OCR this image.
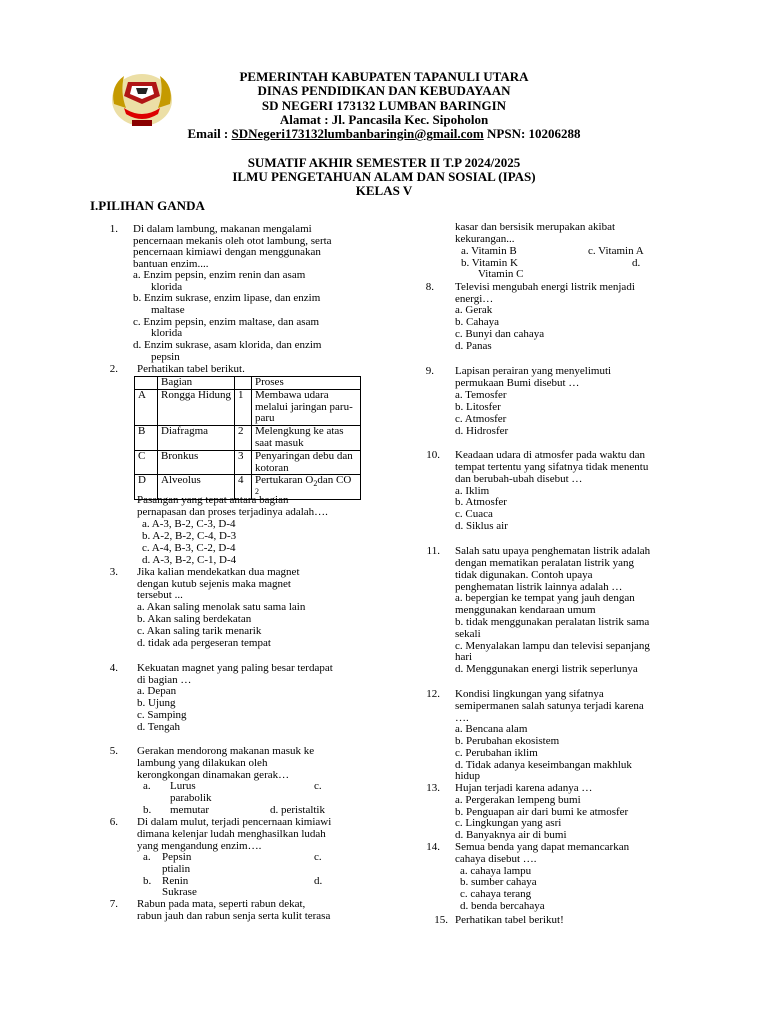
PEMERINTAH KABUPATEN TAPANULI UTARA
DINAS PENDIDIKAN DAN KEBUDAYAAN
SD NEGERI 173132 LUMBAN BARINGIN
Alamat : Jl. Pancasila Kec. Sipoholon
Email : SDNegeri173132lumbanbaringin@gmail.com NPSN: 10206288
SUMATIF AKHIR SEMESTER II T.P 2024/2025
ILMU PENGETAHUAN ALAM DAN SOSIAL (IPAS)
KELAS V
I.PILIHAN GANDA
1. Di dalam lambung, makanan mengalami
pencernaan mekanis oleh otot lambung, serta
pencernaan kimiawi dengan menggunakan
bantuan enzim....
a. Enzim pepsin, enzim renin dan asam
klorida
b. Enzim sukrase, enzim lipase, dan enzim
maltase
c. Enzim pepsin, enzim maltase, dan asam
klorida
d. Enzim sukrase, asam klorida, dan enzim
pepsin
2. Perhatikan tabel berikut.
	Bagian		Proses
A	Rongga Hidung	1	Membawa udara melalui jaringan paru-paru
B	Diafragma	2	Melengkung ke atas saat masuk
C	Bronkus	3	Penyaringan debu dan kotoran
D	Alveolus	4	Pertukaran $O_2dan$ CO

2
Pasangan yang tepat antara bagian
pernapasan dan proses terjadinya adalah….
a. A-3, B-2, C-3, D-4
b. A-2, B-2, C-4, D-3
c. A-4, B-3, C-2, D-4
d. A-3, B-2, C-1, D-4
3. Jika kalian mendekatkan dua magnet
dengan kutub sejenis maka magnet
tersebut ...
a. Akan saling menolak satu sama lain
b. Akan saling berdekatan
c. Akan saling tarik menarik
d. tidak ada pergeseran tempat
4. Kekuatan magnet yang paling besar terdapat
di bagian …
a. Depan
b. Ujung
c. Samping
d. Tengah
5. Gerakan mendorong makanan masuk ke
lambung yang dilakukan oleh
kerongkongan dinamakan gerak…
a. Lurus	c.
parabolik
b. memutar	d. peristaltik
6. Di dalam mulut, terjadi pencernaan kimiawi
dimana kelenjar ludah menghasilkan ludah
yang mengandung enzim….
a. Pepsin	c.
ptialin
b. Renin	d.
Sukrase
7. Rabun pada mata, seperti rabun dekat,
rabun jauh dan rabun senja serta kulit terasa
kasar dan bersisik merupakan akibat
kekurangan...
a. Vitamin B	c. Vitamin A
b. Vitamin K	d.
Vitamin C
8. Televisi mengubah energi listrik menjadi
energi…
a. Gerak
b. Cahaya
c. Bunyi dan cahaya
d. Panas
9. Lapisan perairan yang menyelimuti
permukaan Bumi disebut …
a. Temosfer
b. Litosfer
c. Atmosfer
d. Hidrosfer
10. Keadaan udara di atmosfer pada waktu dan
tempat tertentu yang sifatnya tidak menentu
dan berubah-ubah disebut …
a. Iklim
b. Atmosfer
c. Cuaca
d. Siklus air
11. Salah satu upaya penghematan listrik adalah
dengan mematikan peralatan listrik yang
tidak digunakan. Contoh upaya
penghematan listrik lainnya adalah …
a. bepergian ke tempat yang jauh dengan
menggunakan kendaraan umum
b. tidak menggunakan peralatan listrik sama
sekali
c. Menyalakan lampu dan televisi sepanjang
hari
d. Menggunakan energi listrik seperlunya
12. Kondisi lingkungan yang sifatnya
semipermanen salah satunya terjadi karena
….
a. Bencana alam
b. Perubahan ekosistem
c. Perubahan iklim
d. Tidak adanya keseimbangan makhluk
hidup
13. Hujan terjadi karena adanya …
a. Pergerakan lempeng bumi
b. Penguapan air dari bumi ke atmosfer
c. Lingkungan yang asri
d. Banyaknya air di bumi
14. Semua benda yang dapat memancarkan
cahaya disebut ….
a. cahaya lampu
b. sumber cahaya
c. cahaya terang
d. benda bercahaya
15. Perhatikan tabel berikut!
